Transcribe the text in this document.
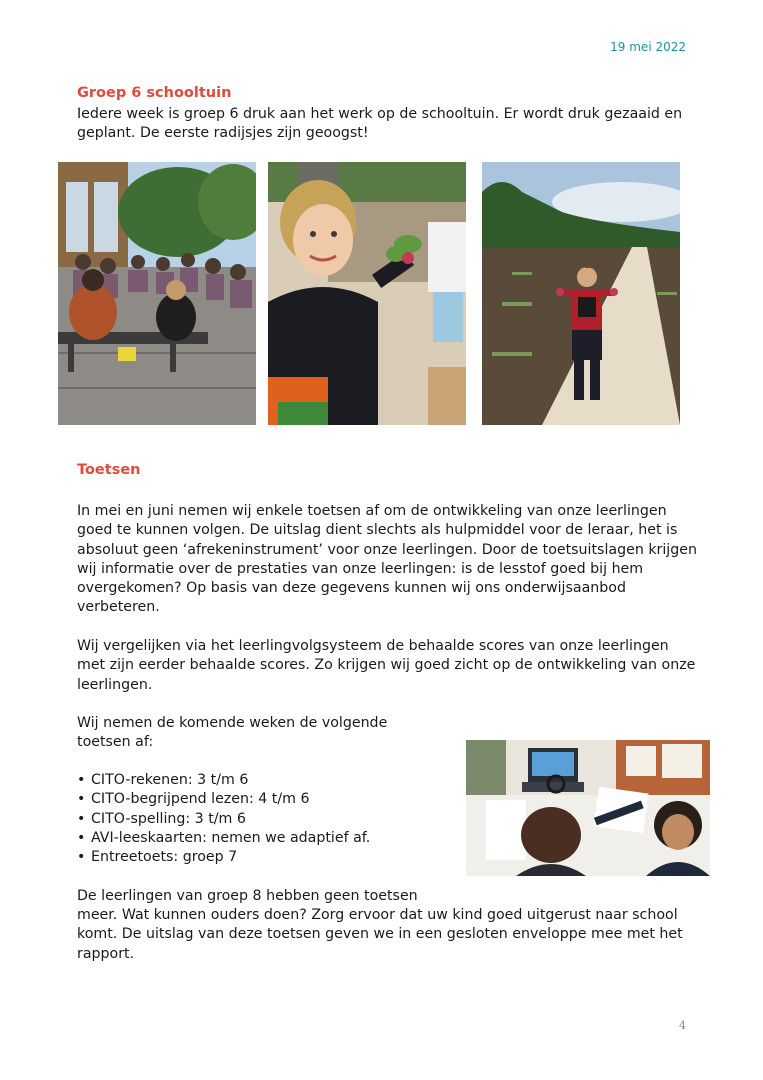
19 mei 2022
Groep 6 schooltuin

Iedere week is groep 6 druk aan het werk op de schooltuin. Er wordt druk gezaaid en geplant. De eerste radijsjes zijn geoogst!

Toetsen

In mei en juni nemen wij enkele toetsen af om de ontwikkeling van onze leerlingen goed te kunnen volgen. De uitslag dient slechts als hulpmiddel voor de leraar, het is absoluut geen ‘afrekeninstrument’ voor onze leerlingen. Door de toetsuitslagen krijgen wij informatie over de prestaties van onze leerlingen: is de lesstof goed bij hem overgekomen? Op basis van deze gegevens kunnen wij ons onderwijsaanbod verbeteren.

Wij vergelijken via het leerlingvolgsysteem de behaalde scores van onze leerlingen met zijn eerder behaalde scores. Zo krijgen wij goed zicht op de ontwikkeling van onze leerlingen.

Wij nemen de komende weken de volgende toetsen af:

• CITO-rekenen: 3 t/m 6
• CITO-begrijpend lezen: 4 t/m 6
• CITO-spelling: 3 t/m 6
• AVI-leeskaarten: nemen we adaptief af.
• Entreetoets: groep 7

De leerlingen van groep 8 hebben geen toetsen

meer. Wat kunnen ouders doen? Zorg ervoor dat uw kind goed uitgerust naar school komt. De uitslag van deze toetsen geven we in een gesloten enveloppe mee met het rapport.

4
